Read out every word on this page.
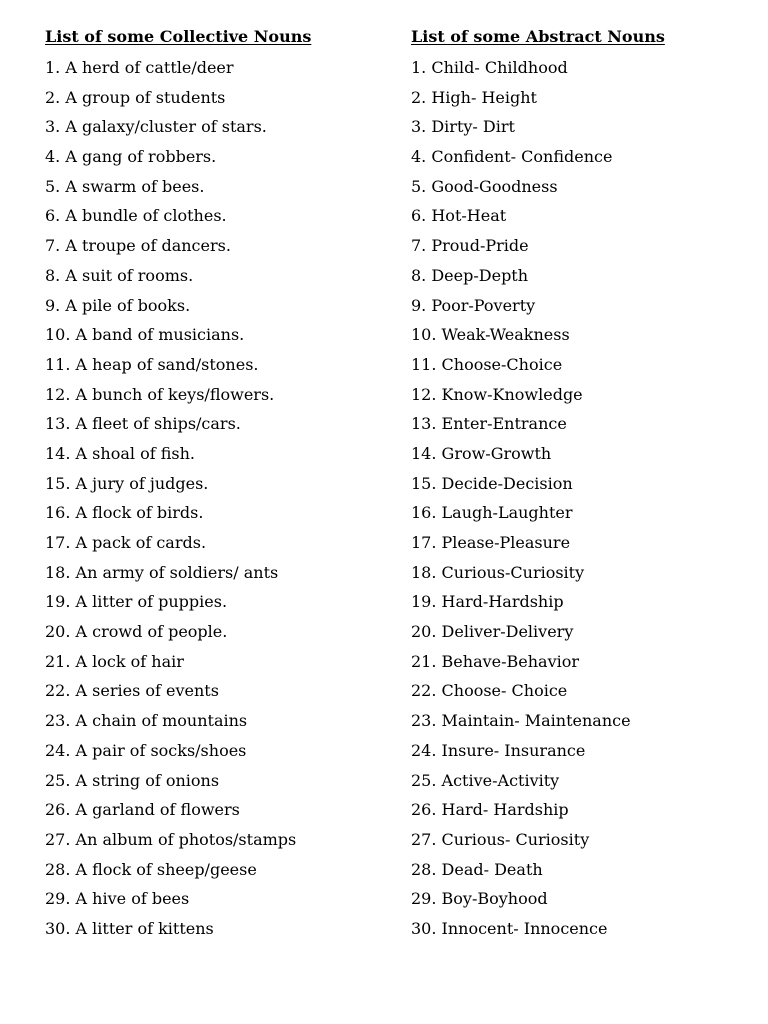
List of some Collective Nouns
1. A herd of cattle/deer
2. A group of students
3. A galaxy/cluster of stars.
4. A gang of robbers.
5. A swarm of bees.
6. A bundle of clothes.
7. A troupe of dancers.
8. A suit of rooms.
9. A pile of books.
10. A band of musicians.
11. A heap of sand/stones.
12. A bunch of keys/flowers.
13. A fleet of ships/cars.
14. A shoal of fish.
15. A jury of judges.
16. A flock of birds.
17. A pack of cards.
18. An army of soldiers/ ants
19. A litter of puppies.
20. A crowd of people.
21. A lock of hair
22. A series of events
23. A chain of mountains
24. A pair of socks/shoes
25. A string of onions
26. A garland of flowers
27. An album of photos/stamps
28. A flock of sheep/geese
29. A hive of bees
30. A litter of kittens
List of some Abstract Nouns
1. Child- Childhood
2. High- Height
3. Dirty- Dirt
4. Confident- Confidence
5. Good-Goodness
6. Hot-Heat
7. Proud-Pride
8. Deep-Depth
9. Poor-Poverty
10. Weak-Weakness
11. Choose-Choice
12. Know-Knowledge
13. Enter-Entrance
14. Grow-Growth
15. Decide-Decision
16. Laugh-Laughter
17. Please-Pleasure
18. Curious-Curiosity
19. Hard-Hardship
20. Deliver-Delivery
21. Behave-Behavior
22. Choose- Choice
23. Maintain- Maintenance
24. Insure- Insurance
25. Active-Activity
26. Hard- Hardship
27. Curious- Curiosity
28. Dead- Death
29. Boy-Boyhood
30. Innocent- Innocence
